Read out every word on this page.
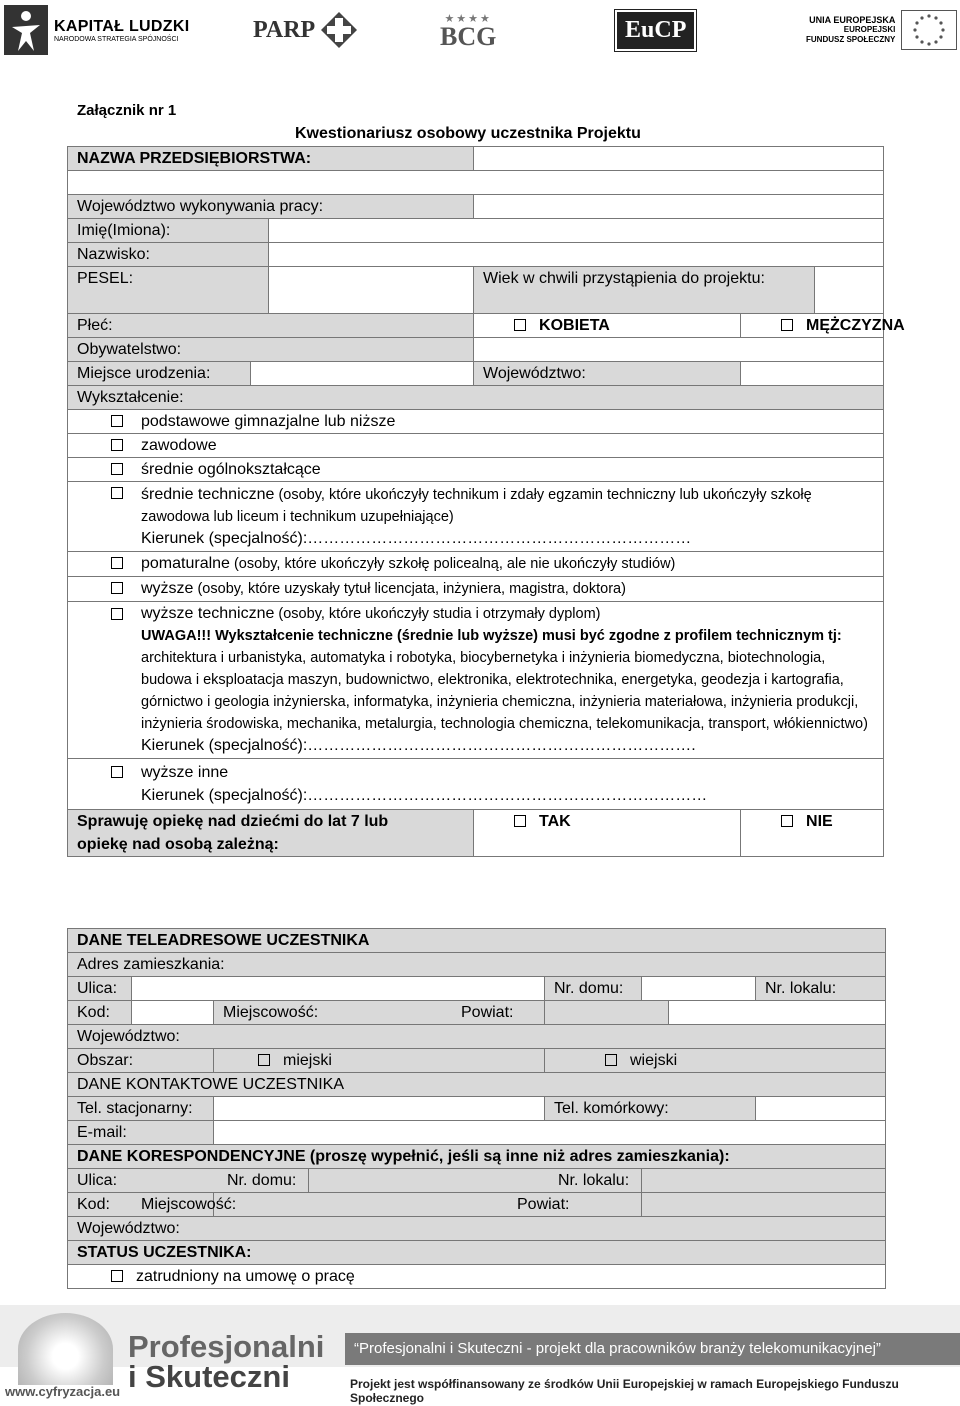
KAPITAŁ LUDZKI
NARODOWA STRATEGIA SPÓJNOŚCI	PARP	★★★★
BCG	EuCP	UNIA EUROPEJSKA
EUROPEJSKI
FUNDUSZ SPOŁECZNY
Załącznik nr 1
Kwestionariusz osobowy uczestnika Projektu
NAZWA PRZEDSIĘBIORSTWA:					

Województwo wykonywania pracy:					
Imię(Imiona):					
Nazwisko:					
PESEL:			Wiek w chwili przystąpienia do projektu:		
Płeć:			KOBIETA	MĘŻCZYZNA	
Obywatelstwo:					
Miejsce urodzenia:			Województwo:		
Wykształcenie:					
podstawowe gimnazjalne lub niższe					
zawodowe					
średnie ogólnokształcące					

średnie techniczne (osoby, które ukończyły technikum i zdały egzamin techniczny lub ukończyły szkołę zawodowa lub liceum i technikum uzupełniające)
Kierunek (specjalność):………………………………………………………………					
pomaturalne (osoby, które ukończyły szkołę policealną, ale nie ukończyły studiów)					
wyższe (osoby, które uzyskały tytuł licencjata, inżyniera, magistra, doktora)					

wyższe techniczne (osoby, które ukończyły studia i otrzymały dyplom)
UWAGA!!! Wykształcenie techniczne (średnie lub wyższe) musi być zgodne z profilem technicznym tj: architektura i urbanistyka, automatyka i robotyka, biocybernetyka i inżynieria biomedyczna, biotechnologia, budowa i eksploatacja maszyn, budownictwo, elektronika, elektrotechnika, energetyka, geodezja i kartografia, górnictwo i geologia inżynierska, informatyka, inżynieria chemiczna, inżynieria materiałowa, inżynieria produkcji, inżynieria środowiska, mechanika, metalurgia, technologia chemiczna, telekomunikacja, transport, włókiennictwo)
Kierunek (specjalność):……………………………………………………………….					

wyższe inne
Kierunek (specjalność):…………………………………………………………………					
Sprawuję opiekę nad dziećmi do lat 7 lub opiekę nad osobą zależną:			TAK	NIE	
DANE TELEADRESOWE UCZESTNIKA							
Adres zamieszkania:							
Ulica:				Nr. domu:			Nr. lokalu:
Kod:		Miejscowość:		Powiat:			
Województwo:							
Obszar:		miejski		wiejski			
DANE KONTAKTOWE UCZESTNIKA							
Tel. stacjonarny:				Tel. komórkowy:			
E-mail:							
DANE KORESPONDENCYJNE (proszę wypełnić, jeśli są inne niż adres zamieszkania):							
Ulica:			Nr. domu:		Nr. lokalu:		
Kod:		Miejscowość:			Powiat:		
Województwo:							
STATUS UCZESTNIKA:							
zatrudniony na umowę o pracę							
Profesjonalni
i Skuteczni
www.cyfryzacja.eu
“Profesjonalni i Skuteczni - projekt dla pracowników branży telekomunikacyjnej”
Projekt jest współfinansowany ze środków Unii Europejskiej w ramach Europejskiego Funduszu Społecznego
